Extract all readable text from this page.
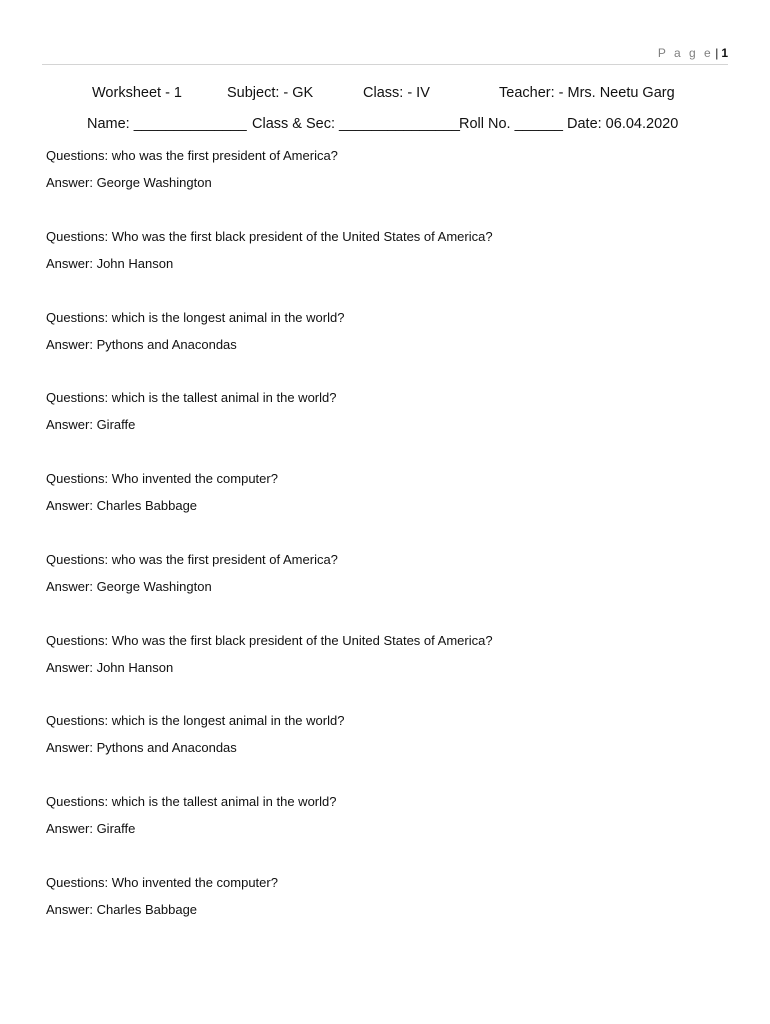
P a g e | 1
Worksheet - 1	Subject: - GK	Class: - IV	Teacher: - Mrs. Neetu Garg
Name: ______________ Class & Sec: _______________ Roll No. ______ Date: 06.04.2020
Questions: who was the first president of America?
Answer: George Washington
Questions: Who was the first black president of the United States of America?
Answer: John Hanson
Questions: which is the longest animal in the world?
Answer: Pythons and Anacondas
Questions: which is the tallest animal in the world?
Answer: Giraffe
Questions: Who invented the computer?
Answer: Charles Babbage
Questions: who was the first president of America?
Answer: George Washington
Questions: Who was the first black president of the United States of America?
Answer: John Hanson
Questions: which is the longest animal in the world?
Answer: Pythons and Anacondas
Questions: which is the tallest animal in the world?
Answer: Giraffe
Questions: Who invented the computer?
Answer: Charles Babbage
